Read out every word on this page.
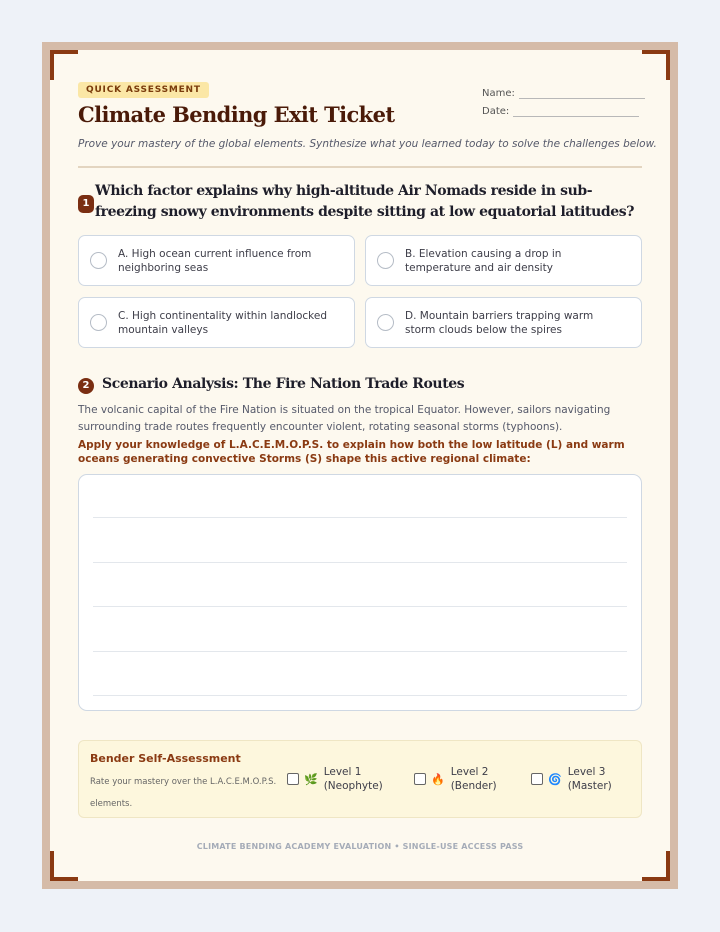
QUICK ASSESSMENT
Climate Bending Exit Ticket
Prove your mastery of the global elements. Synthesize what you learned today to solve the challenges below.
Name:
Date:
1
Which factor explains why high-altitude Air Nomads reside in sub-freezing snowy environments despite sitting at low equatorial latitudes?
A. High ocean current influence from neighboring seas
B. Elevation causing a drop in temperature and air density
C. High continentality within landlocked mountain valleys
D. Mountain barriers trapping warm storm clouds below the spires
2 Scenario Analysis: The Fire Nation Trade Routes
The volcanic capital of the Fire Nation is situated on the tropical Equator. However, sailors navigating surrounding trade routes frequently encounter violent, rotating seasonal storms (typhoons).
Apply your knowledge of L.A.C.E.M.O.P.S. to explain how both the low latitude (L) and warm oceans generating convective Storms (S) shape this active regional climate:
Bender Self-Assessment
Rate your mastery over the L.A.C.E.M.O.P.S. elements.
🌿
Level 1 (Neophyte)
🔥
Level 2 (Bender)
🌀
Level 3 (Master)
CLIMATE BENDING ACADEMY EVALUATION • SINGLE-USE ACCESS PASS
